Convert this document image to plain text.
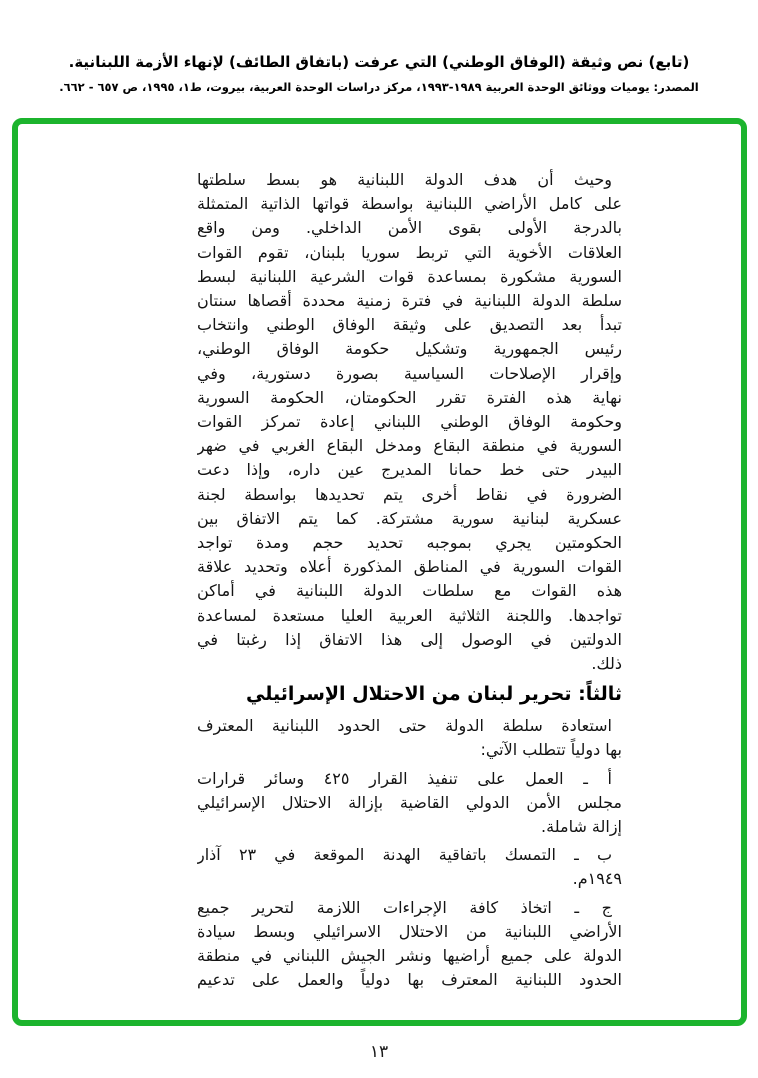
(تابع) نص وثيقة (الوفاق الوطني) التي عرفت (باتفاق الطائف) لإنهاء الأزمة اللبنانية.
المصدر: يوميات ووثائق الوحدة العربية ١٩٨٩-١٩٩٣، مركز دراسات الوحدة العربية، بيروت، ط١، ١٩٩٥، ص ٦٥٧ - ٦٦٢.
وحيث أن هدف الدولة اللبنانية هو بسط سلطتها
على كامل الأراضي اللبنانية بواسطة قواتها الذاتية المتمثلة
بالدرجة الأولى بقوى الأمن الداخلي. ومن واقع
العلاقات الأخوية التي تربط سوريا بلبنان، تقوم القوات
السورية مشكورة بمساعدة قوات الشرعية اللبنانية لبسط
سلطة الدولة اللبنانية في فترة زمنية محددة أقصاها سنتان
تبدأ بعد التصديق على وثيقة الوفاق الوطني وانتخاب
رئيس الجمهورية وتشكيل حكومة الوفاق الوطني،
وإقرار الإصلاحات السياسية بصورة دستورية، وفي
نهاية هذه الفترة تقرر الحكومتان، الحكومة السورية
وحكومة الوفاق الوطني اللبناني إعادة تمركز القوات
السورية في منطقة البقاع ومدخل البقاع الغربي في ضهر
البيدر حتى خط حمانا المديرج عين داره، وإذا دعت
الضرورة في نقاط أخرى يتم تحديدها بواسطة لجنة
عسكرية لبنانية سورية مشتركة. كما يتم الاتفاق بين
الحكومتين يجري بموجبه تحديد حجم ومدة تواجد
القوات السورية في المناطق المذكورة أعلاه وتحديد علاقة
هذه القوات مع سلطات الدولة اللبنانية في أماكن
تواجدها. واللجنة الثلاثية العربية العليا مستعدة لمساعدة
الدولتين في الوصول إلى هذا الاتفاق إذا رغبتا في
ذلك.
ثالثاً: تحرير لبنان من الاحتلال الإسرائيلي
استعادة سلطة الدولة حتى الحدود اللبنانية المعترف
بها دولياً تتطلب الآتي:
أ ـ العمل على تنفيذ القرار ٤٢٥ وسائر قرارات
مجلس الأمن الدولي القاضية بإزالة الاحتلال الإسرائيلي
إزالة شاملة.
ب ـ التمسك باتفاقية الهدنة الموقعة في ٢٣ آذار
١٩٤٩م.
ج ـ اتخاذ كافة الإجراءات اللازمة لتحرير جميع
الأراضي اللبنانية من الاحتلال الاسرائيلي وبسط سيادة
الدولة على جميع أراضيها ونشر الجيش اللبناني في منطقة
الحدود اللبنانية المعترف بها دولياً والعمل على تدعيم
١٣
